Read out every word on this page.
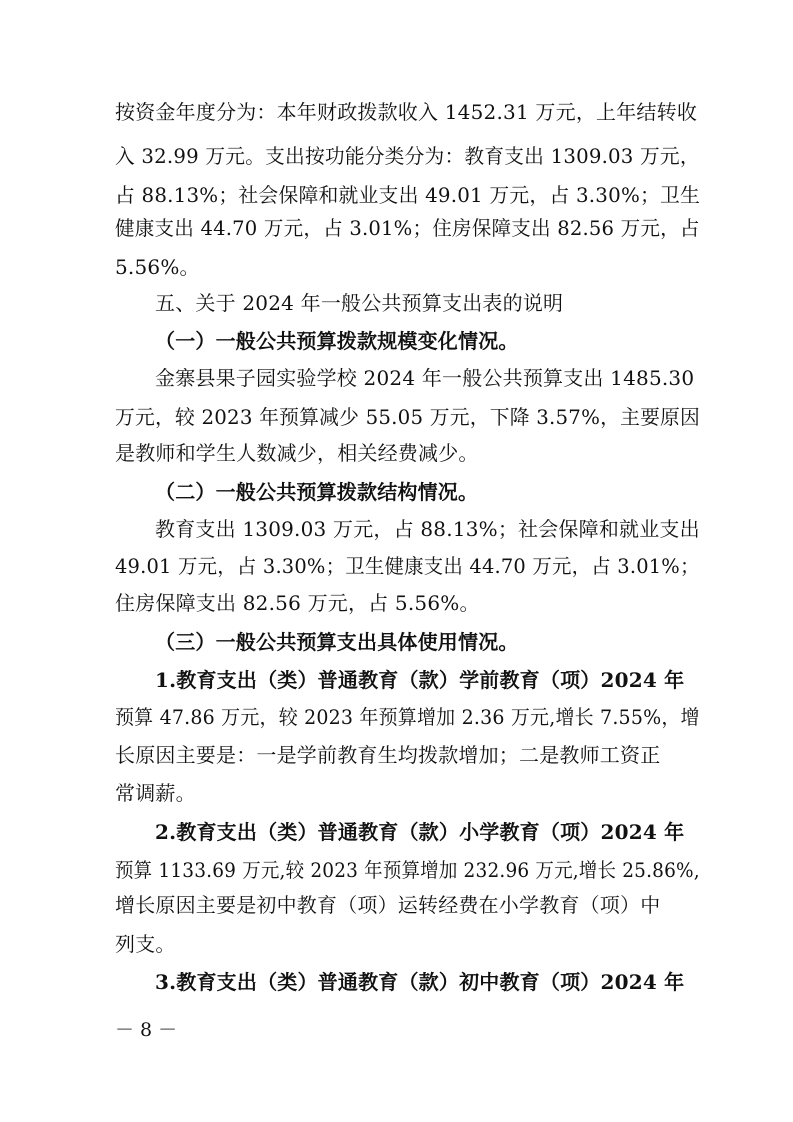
按资金年度分为：本年财政拨款收入 1452.31 万元，上年结转收
入 32.99 万元。支出按功能分类分为：教育支出 1309.03 万元，
占 88.13%；社会保障和就业支出 49.01 万元，占 3.30%；卫生
健康支出 44.70 万元，占 3.01%；住房保障支出 82.56 万元，占
5.56%。
五、关于 2024 年一般公共预算支出表的说明
（一）一般公共预算拨款规模变化情况。
金寨县果子园实验学校 2024 年一般公共预算支出 1485.30
万元，较 2023 年预算减少 55.05 万元，下降 3.57%，主要原因
是教师和学生人数减少，相关经费减少。
（二）一般公共预算拨款结构情况。
教育支出 1309.03 万元，占 88.13%；社会保障和就业支出
49.01 万元，占 3.30%；卫生健康支出 44.70 万元，占 3.01%；
住房保障支出 82.56 万元，占 5.56%。
（三）一般公共预算支出具体使用情况。
1.教育支出（类）普通教育（款）学前教育（项）2024 年
预算 47.86 万元，较 2023 年预算增加 2.36 万元,增长 7.55%，增
长原因主要是：一是学前教育生均拨款增加；二是教师工资正
常调薪。
2.教育支出（类）普通教育（款）小学教育（项）2024 年
预算 1133.69 万元,较 2023 年预算增加 232.96 万元,增长 25.86%,
增长原因主要是初中教育（项）运转经费在小学教育（项）中
列支。
3.教育支出（类）普通教育（款）初中教育（项）2024 年
－ 8 －
